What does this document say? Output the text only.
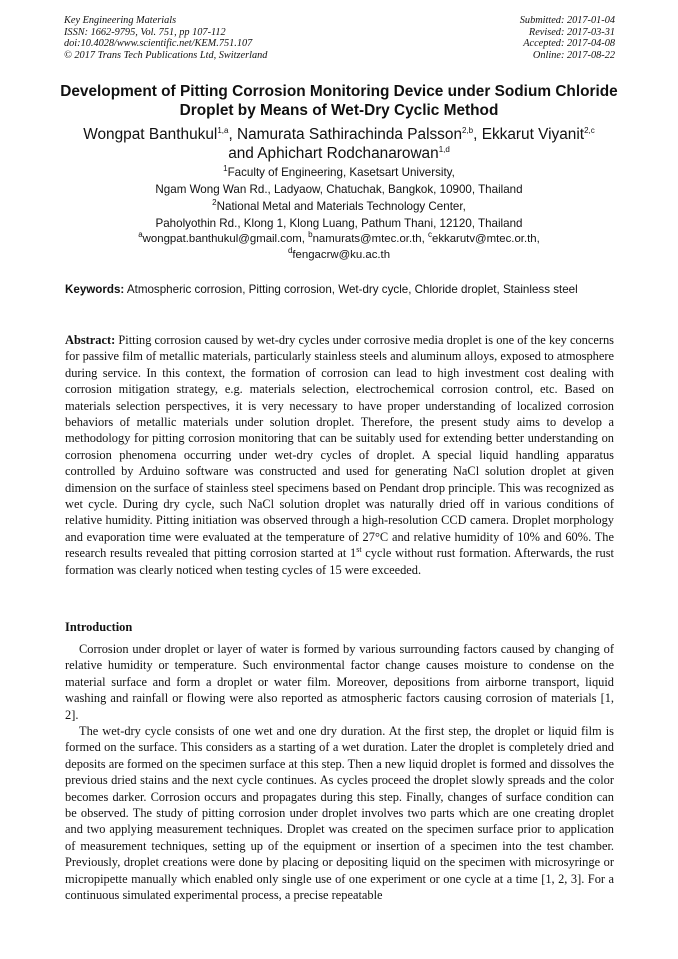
Key Engineering Materials
ISSN: 1662-9795, Vol. 751, pp 107-112
doi:10.4028/www.scientific.net/KEM.751.107
© 2017 Trans Tech Publications Ltd, Switzerland
Submitted: 2017-01-04
Revised: 2017-03-31
Accepted: 2017-04-08
Online: 2017-08-22
Development of Pitting Corrosion Monitoring Device under Sodium Chloride Droplet by Means of Wet-Dry Cyclic Method
Wongpat Banthukul$^{1,a}$, Namurata Sathirachinda Palsson$^{2,b}$, Ekkarut Viyanit$^{2,c}$
and Aphichart Rodchanarowan$^{1,d}$
$^1$Faculty of Engineering, Kasetsart University,
Ngam Wong Wan Rd., Ladyaow, Chatuchak, Bangkok, 10900, Thailand
$^2$National Metal and Materials Technology Center,
Paholyothin Rd., Klong 1, Klong Luang, Pathum Thani, 12120, Thailand
$^a$wongpat.banthukul@gmail.com, $^b$namurats@mtec.or.th, $^c$ekkarutv@mtec.or.th,
$^d$fengacrw@ku.ac.th
Keywords: Atmospheric corrosion, Pitting corrosion, Wet-dry cycle, Chloride droplet, Stainless steel
Abstract: Pitting corrosion caused by wet-dry cycles under corrosive media droplet is one of the key concerns for passive film of metallic materials, particularly stainless steels and aluminum alloys, exposed to atmosphere during service. In this context, the formation of corrosion can lead to high investment cost dealing with corrosion mitigation strategy, e.g. materials selection, electrochemical corrosion control, etc. Based on materials selection perspectives, it is very necessary to have proper understanding of localized corrosion behaviors of metallic materials under solution droplet. Therefore, the present study aims to develop a methodology for pitting corrosion monitoring that can be suitably used for extending better understanding on corrosion phenomena occurring under wet-dry cycles of droplet. A special liquid handling apparatus controlled by Arduino software was constructed and used for generating NaCl solution droplet at given dimension on the surface of stainless steel specimens based on Pendant drop principle. This was recognized as wet cycle. During dry cycle, such NaCl solution droplet was naturally dried off in various conditions of relative humidity. Pitting initiation was observed through a high-resolution CCD camera. Droplet morphology and evaporation time were evaluated at the temperature of 27°C and relative humidity of 10% and 60%. The research results revealed that pitting corrosion started at 1st cycle without rust formation. Afterwards, the rust formation was clearly noticed when testing cycles of 15 were exceeded.
Introduction

Corrosion under droplet or layer of water is formed by various surrounding factors caused by changing of relative humidity or temperature. Such environmental factor change causes moisture to condense on the material surface and form a droplet or water film. Moreover, depositions from airborne transport, liquid washing and rainfall or flowing were also reported as atmospheric factors causing corrosion of materials [1, 2].

The wet-dry cycle consists of one wet and one dry duration. At the first step, the droplet or liquid film is formed on the surface. This considers as a starting of a wet duration. Later the droplet is completely dried and deposits are formed on the specimen surface at this step. Then a new liquid droplet is formed and dissolves the previous dried stains and the next cycle continues. As cycles proceed the droplet slowly spreads and the color becomes darker. Corrosion occurs and propagates during this step. Finally, changes of surface condition can be observed. The study of pitting corrosion under droplet involves two parts which are one creating droplet and two applying measurement techniques. Droplet was created on the specimen surface prior to application of measurement techniques, setting up of the equipment or insertion of a specimen into the test chamber. Previously, droplet creations were done by placing or depositing liquid on the specimen with microsyringe or micropipette manually which enabled only single use of one experiment or one cycle at a time [1, 2, 3]. For a continuous simulated experimental process, a precise repeatable
